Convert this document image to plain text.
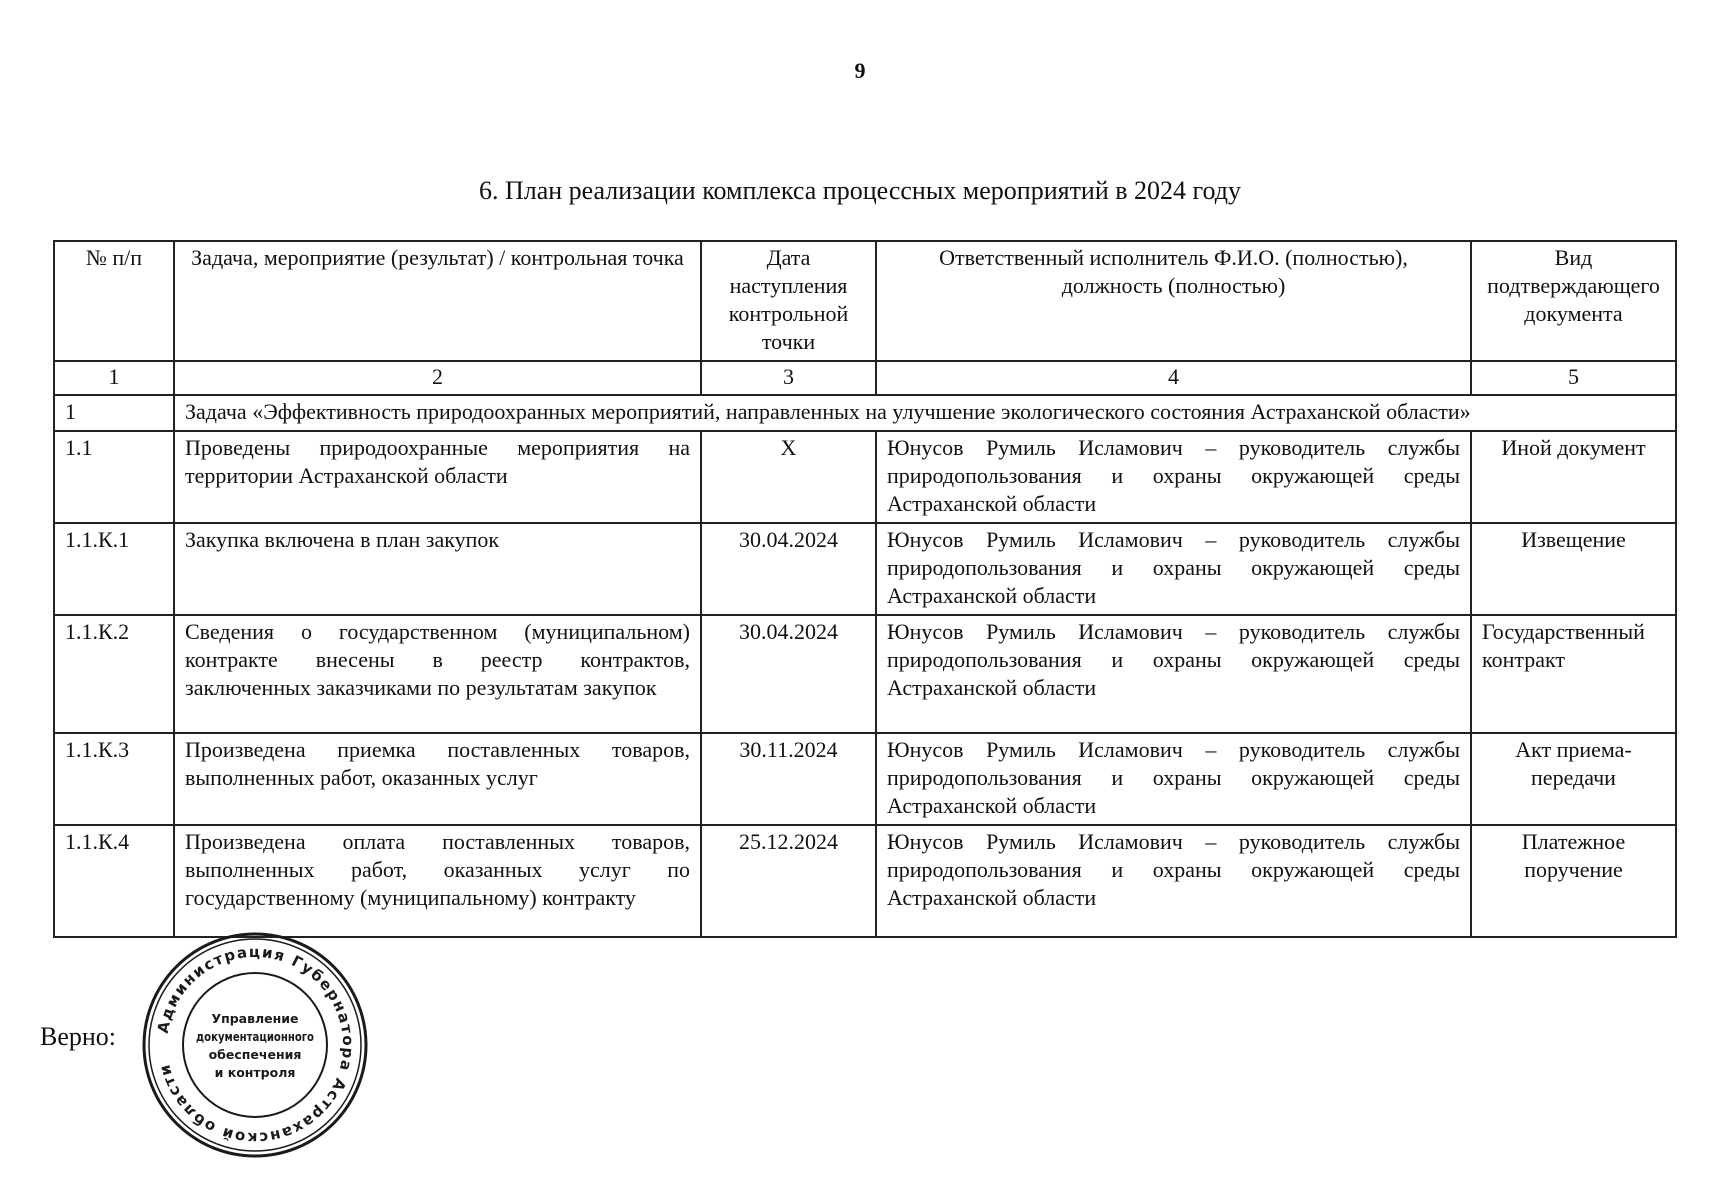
9
6. План реализации комплекса процессных мероприятий в 2024 году
№ п/п	Задача, мероприятие (результат) / контрольная точка	Дата наступления контрольной точки	Ответственный исполнитель Ф.И.О. (полностью), должность (полностью)	Вид подтверждающего документа
1	2	3	4	5
1	Задача «Эффективность природоохранных мероприятий, направленных на улучшение экологического состояния Астраханской области»			
1.1	Проведены природоохранные мероприятия на территории Астраханской области	X	Юнусов Румиль Исламович – руководитель службы природопользования и охраны окружающей среды Астраханской области	Иной документ
1.1.К.1	Закупка включена в план закупок	30.04.2024	Юнусов Румиль Исламович – руководитель службы природопользования и охраны окружающей среды Астраханской области	Извещение
1.1.К.2	Сведения о государственном (муниципальном) контракте внесены в реестр контрактов, заключенных заказчиками по результатам закупок	30.04.2024	Юнусов Румиль Исламович – руководитель службы природопользования и охраны окружающей среды Астраханской области	Государственный контракт
1.1.К.3	Произведена приемка поставленных товаров, выполненных работ, оказанных услуг	30.11.2024	Юнусов Румиль Исламович – руководитель службы природопользования и охраны окружающей среды Астраханской области	Акт приема-передачи
1.1.К.4	Произведена оплата поставленных товаров, выполненных работ, оказанных услуг по государственному (муниципальному) контракту	25.12.2024	Юнусов Румиль Исламович – руководитель службы природопользования и охраны окружающей среды Астраханской области	Платежное поручение
Верно:	Администрация Губернатора Астраханской области
Управление
документационного
обеспечения
и контроля
